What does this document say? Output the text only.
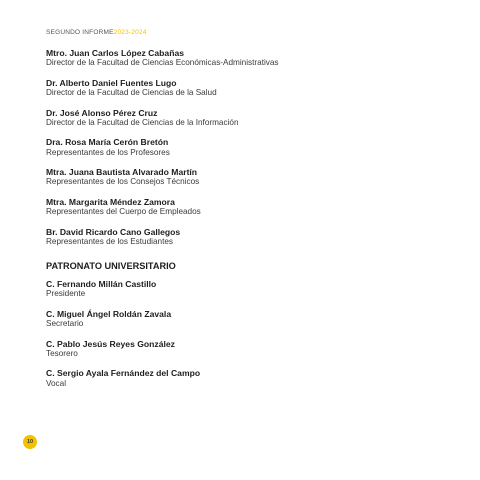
SEGUNDO INFORME2023-2024
Mtro. Juan Carlos López Cabañas
Director de la Facultad de Ciencias Económicas-Administrativas
Dr. Alberto Daniel Fuentes Lugo
Director de la Facultad de Ciencias de la Salud
Dr. José Alonso Pérez Cruz
Director de la Facultad de Ciencias de la Información
Dra. Rosa María Cerón Bretón
Representantes de los Profesores
Mtra. Juana Bautista Alvarado Martín
Representantes de los Consejos Técnicos
Mtra. Margarita Méndez Zamora
Representantes del Cuerpo de Empleados
Br. David Ricardo Cano Gallegos
Representantes de los Estudiantes
PATRONATO UNIVERSITARIO
C. Fernando Millán Castillo
Presidente
C. Miguel Ángel Roldán Zavala
Secretario
C. Pablo Jesús Reyes González
Tesorero
C. Sergio Ayala Fernández del Campo
Vocal
10
